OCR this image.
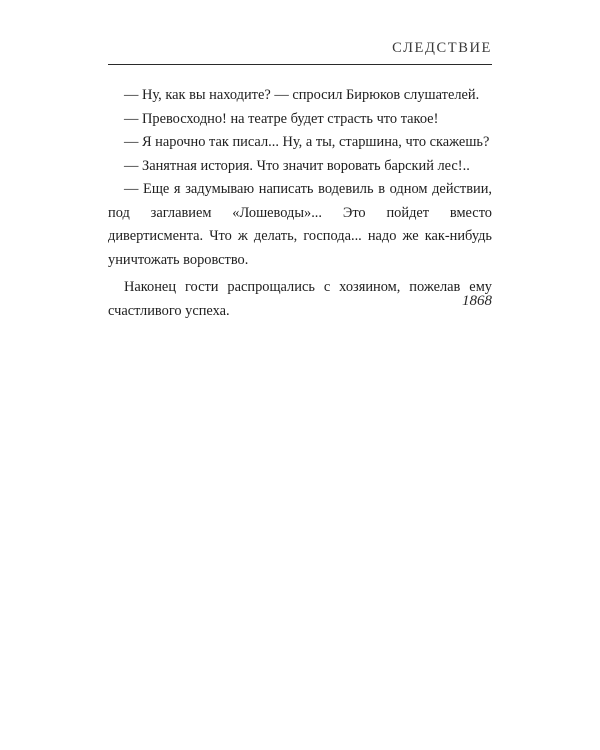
СЛЕДСТВИЕ

— Ну, как вы находите? — спросил Бирюков слушателей.

— Превосходно! на театре будет страсть что такое!

— Я нарочно так писал... Ну, а ты, старшина, что скажешь?

— Занятная история. Что значит воровать барский лес!..

— Еще я задумываю написать водевиль в одном действии, под заглавием «Лошеводы»... Это пойдет вместо дивертисмента. Что ж делать, господа... надо же как-нибудь уничтожать воровство.

Наконец гости распрощались с хозяином, пожелав ему счастливого успеха.

1868
